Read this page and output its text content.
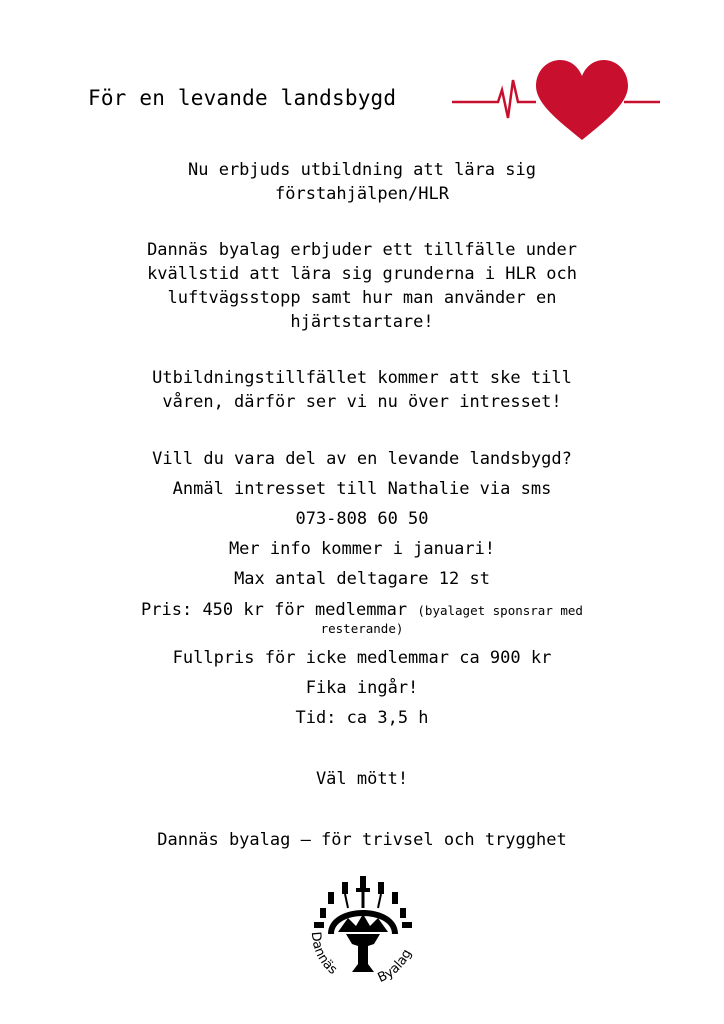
För en levande landsbygd
Nu erbjuds utbildning att lära sig
förstahjälpen/HLR
Dannäs byalag erbjuder ett tillfälle under
kvällstid att lära sig grunderna i HLR och
luftvägsstopp samt hur man använder en
hjärtstartare!
Utbildningstillfället kommer att ske till
våren, därför ser vi nu över intresset!
Vill du vara del av en levande landsbygd?
Anmäl intresset till Nathalie via sms
073-808 60 50
Mer info kommer i januari!
Max antal deltagare 12 st
Pris: 450 kr för medlemmar (byalaget sponsrar med
resterande)
Fullpris för icke medlemmar ca 900 kr
Fika ingår!
Tid: ca 3,5 h
Väl mött!
Dannäs byalag – för trivsel och trygghet
Dannäs	Byalag
